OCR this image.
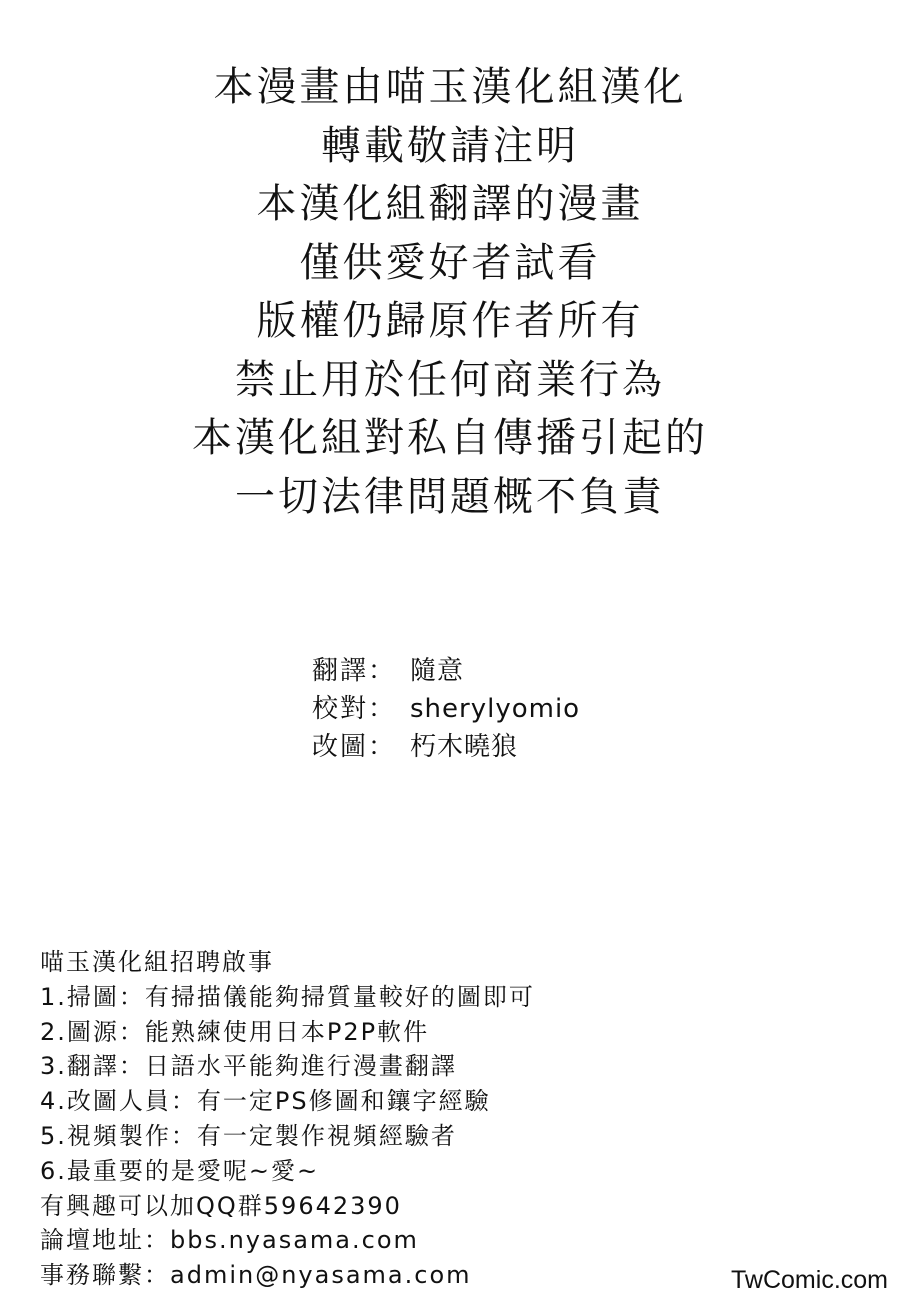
本漫畫由喵玉漢化組漢化
轉載敬請注明
本漢化組翻譯的漫畫
僅供愛好者試看
版權仍歸原作者所有
禁止用於任何商業行為
本漢化組對私自傳播引起的
一切法律問題概不負責
翻譯： 隨意
校對： sherylyomio
改圖： 朽木曉狼
喵玉漢化組招聘啟事
1.掃圖：有掃描儀能夠掃質量較好的圖即可
2.圖源：能熟練使用日本P2P軟件
3.翻譯：日語水平能夠進行漫畫翻譯
4.改圖人員：有一定PS修圖和鑲字經驗
5.視頻製作：有一定製作視頻經驗者
6.最重要的是愛呢~愛~
有興趣可以加QQ群59642390
論壇地址：bbs.nyasama.com
事務聯繫：admin@nyasama.com	TwComic.com
